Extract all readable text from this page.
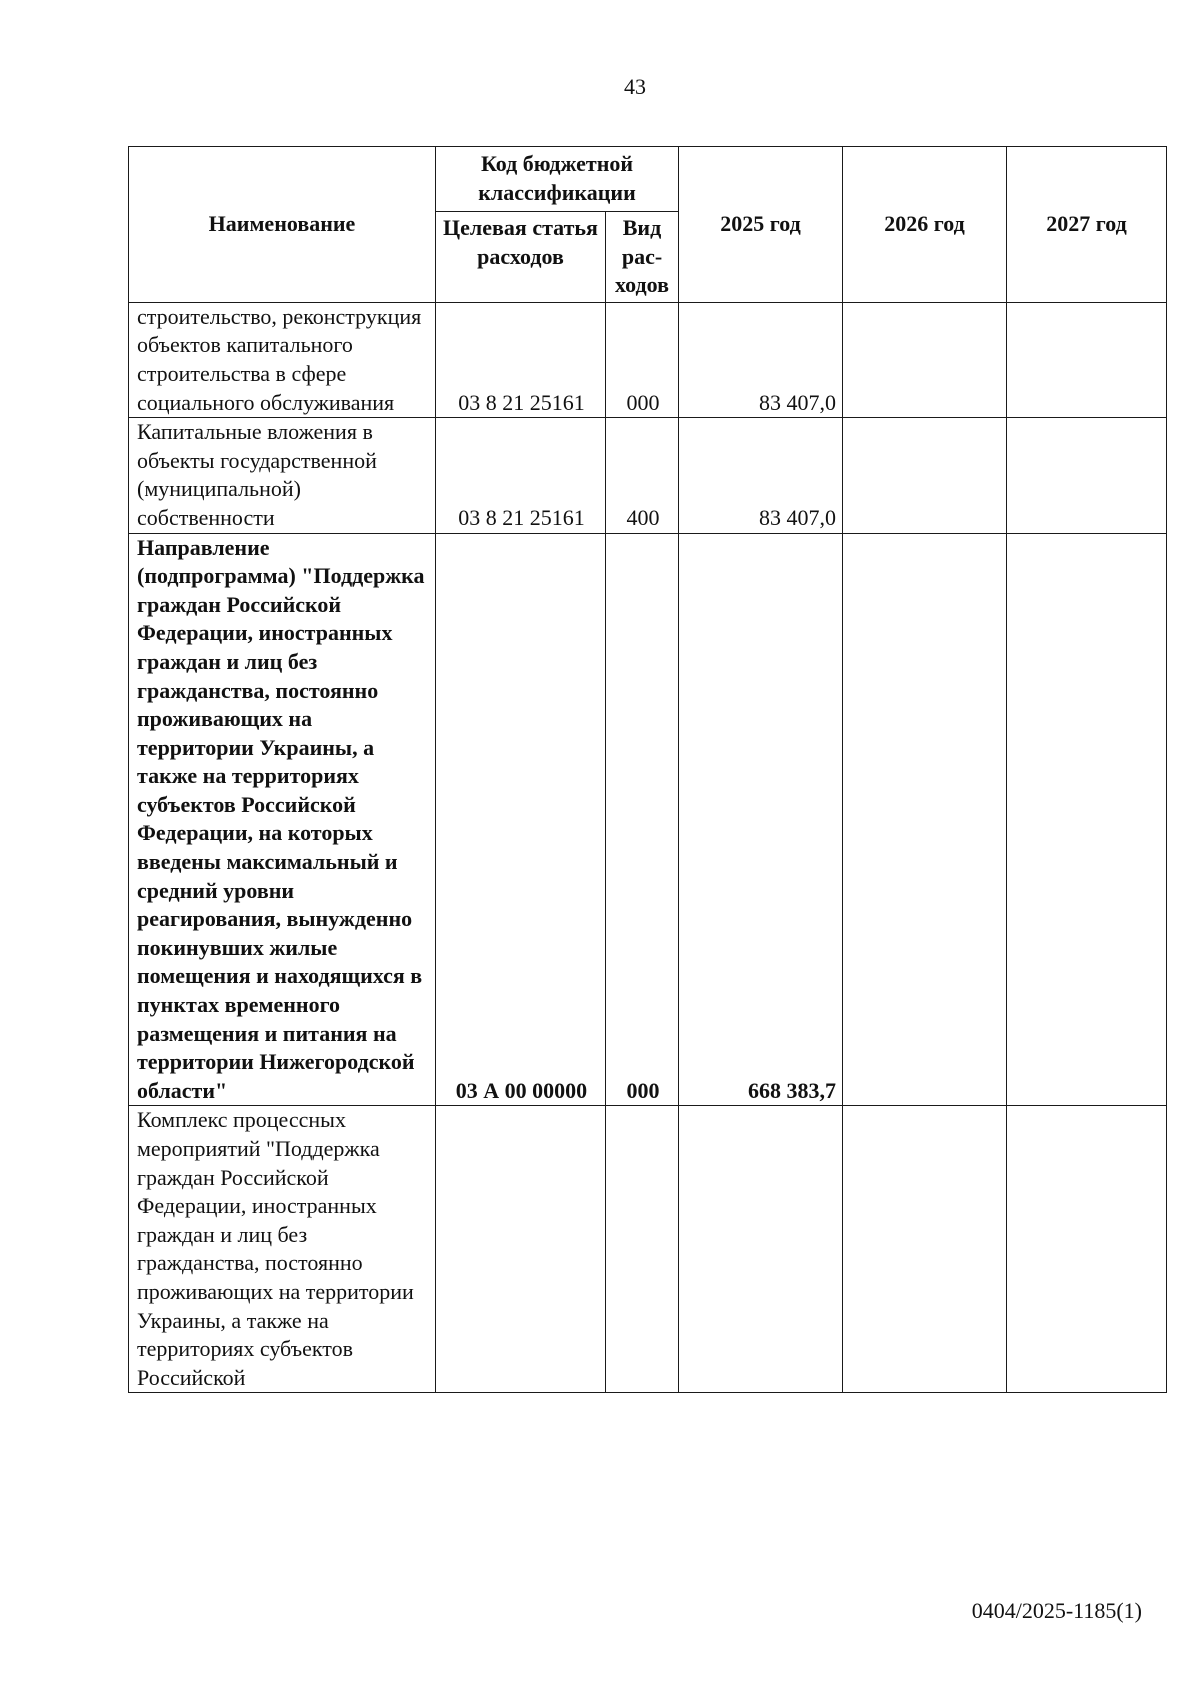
43
Наименование	Код бюджетной классификации		2025 год	2026 год	2027 год
	Целевая статья расходов	Вид рас-ходов			
строительство, реконструкция объектов капитального строительства в сфере социального обслуживания	03 8 21 25161	000	83 407,0		
Капитальные вложения в объекты государственной (муниципальной) собственности	03 8 21 25161	400	83 407,0		
Направление (подпрограмма) "Поддержка граждан Российской Федерации, иностранных граждан и лиц без гражданства, постоянно проживающих на территории Украины, а также на территориях субъектов Российской Федерации, на которых введены максимальный и средний уровни реагирования, вынужденно покинувших жилые помещения и находящихся в пунктах временного размещения и питания на территории Нижегородской области"	03 А 00 00000	000	668 383,7		
Комплекс процессных мероприятий "Поддержка граждан Российской Федерации, иностранных граждан и лиц без гражданства, постоянно проживающих на территории Украины, а также на территориях субъектов Российской					
0404/2025-1185(1)
